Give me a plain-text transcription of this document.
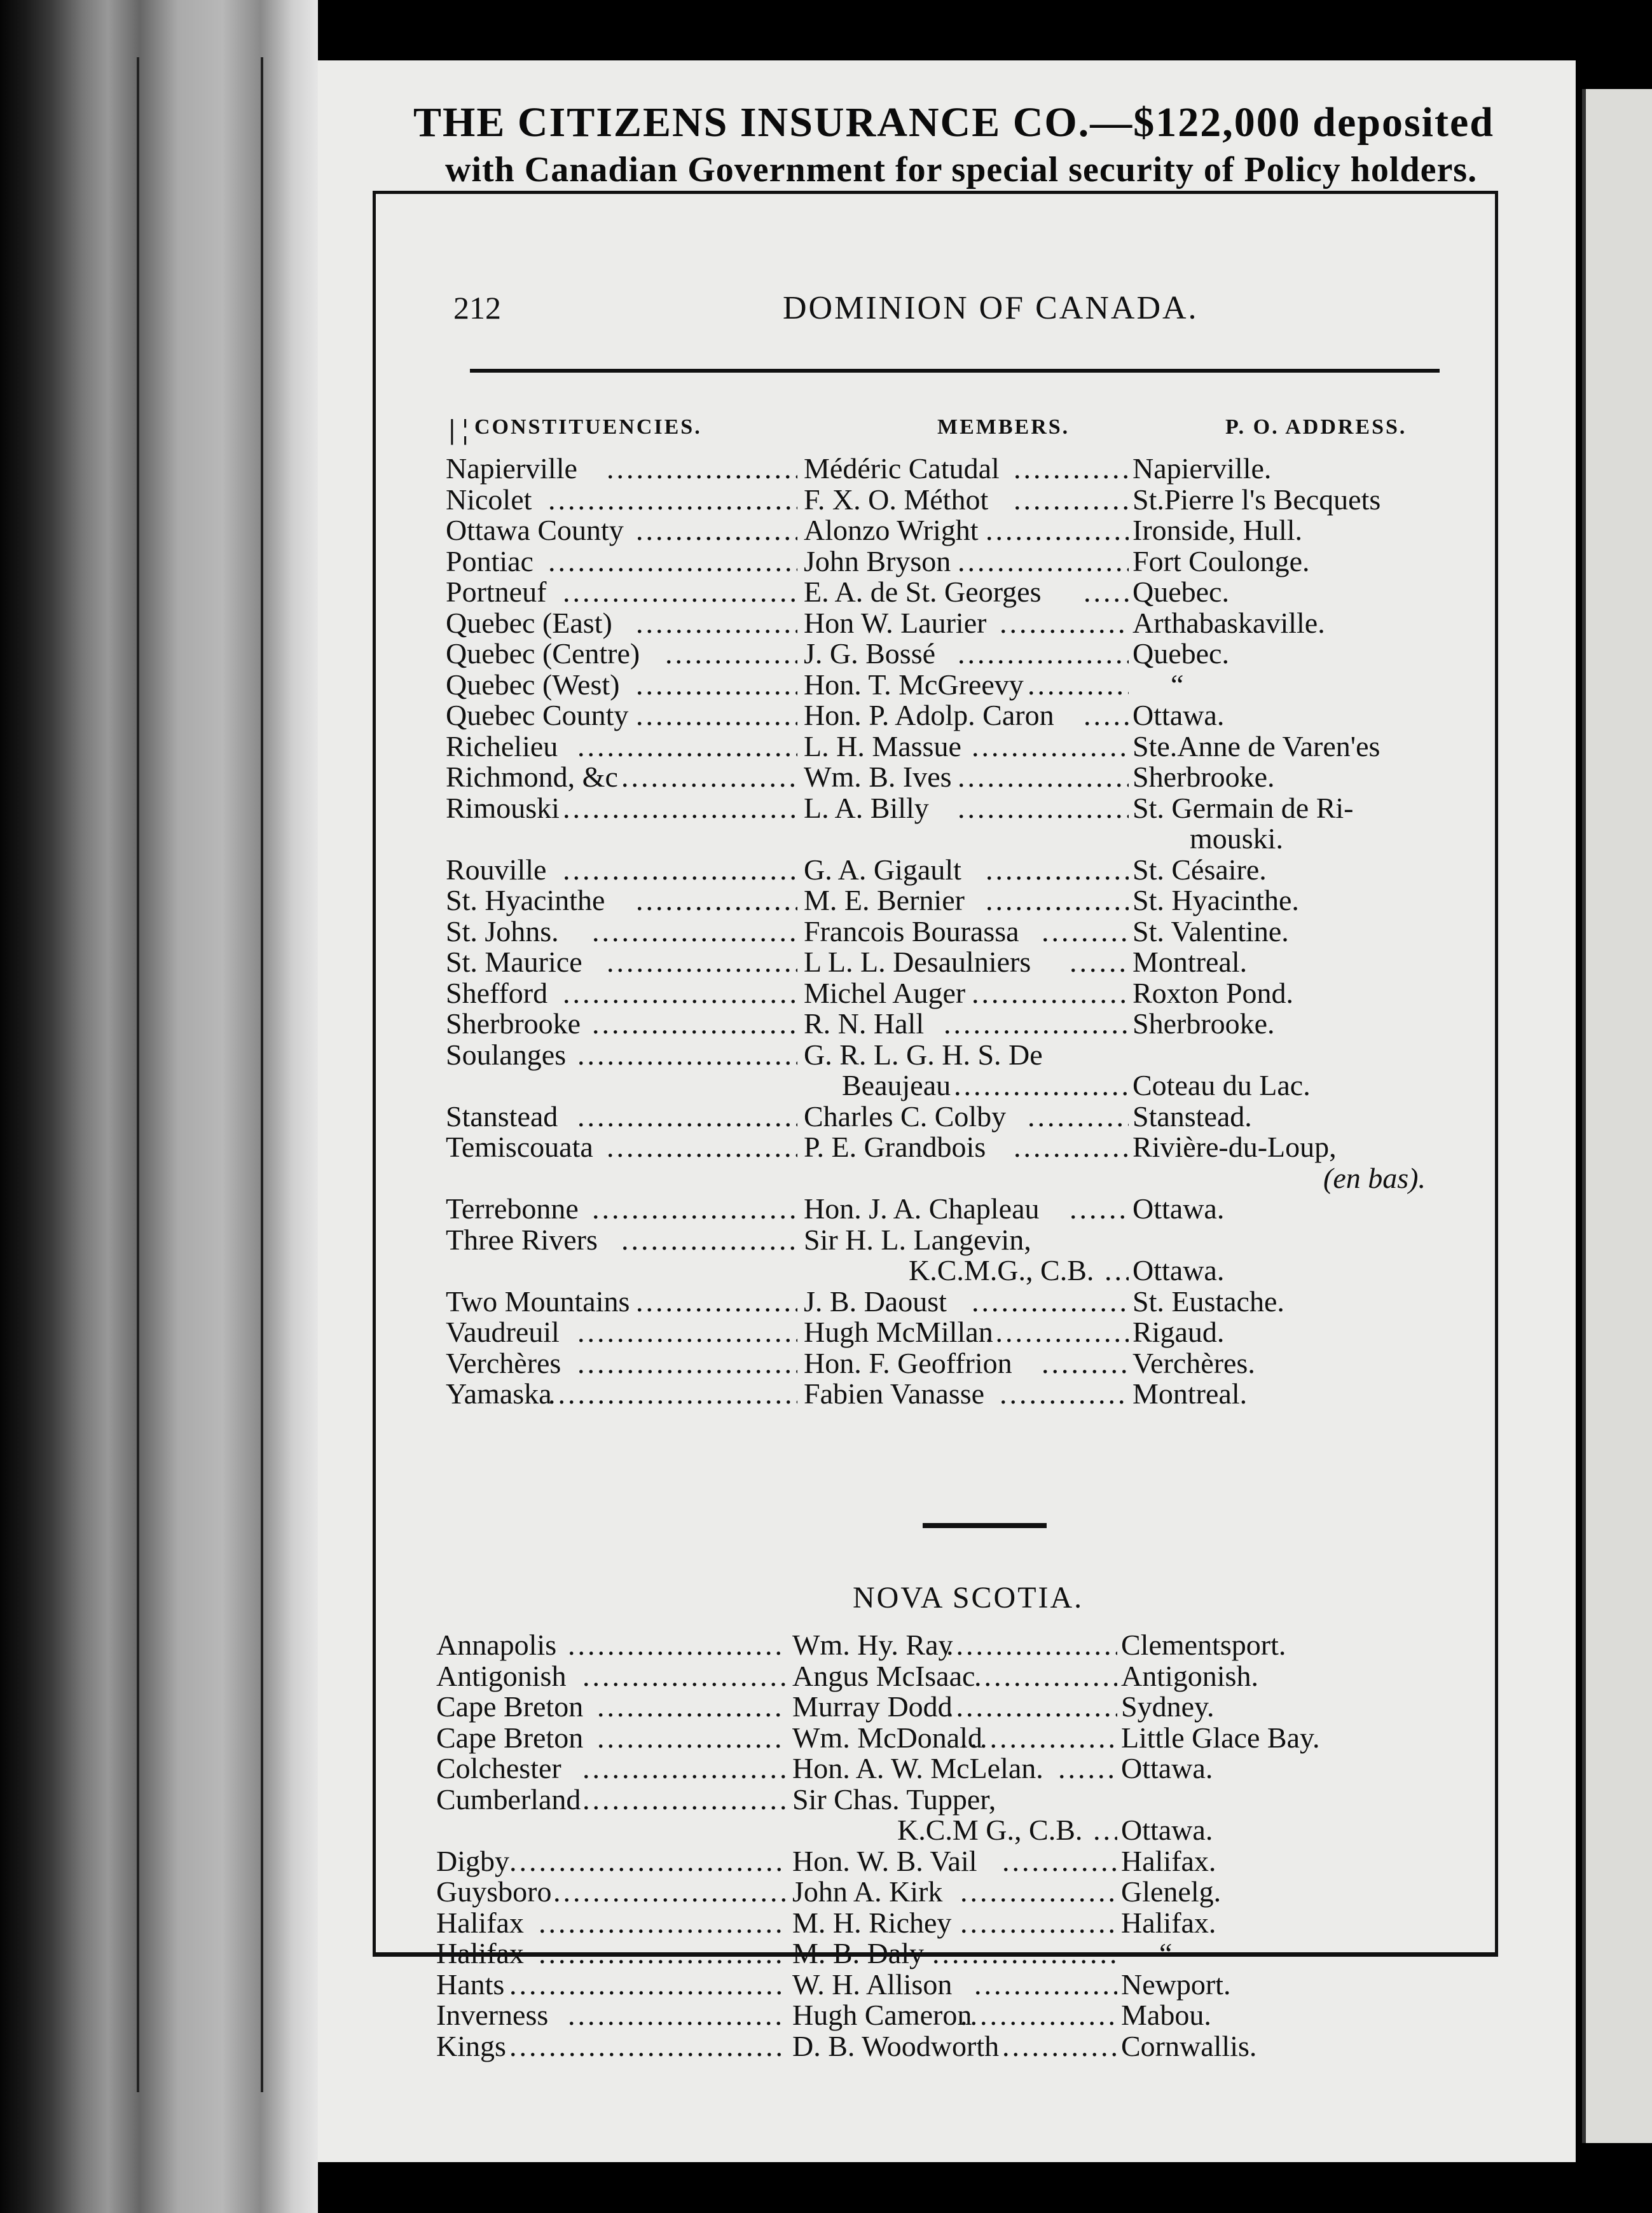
THE CITIZENS INSURANCE CO.—$122,000 deposited
with Canadian Government for special security of Policy holders.
212	DOMINION OF CANADA.
| ¦ CONSTITUENCIES.	MEMBERS.	P. O. ADDRESS.
Napierville .....	Médéric Catudal .....	Napierville.
Nicolet .....	F. X. O. Méthot .....	St.Pierre l's Becquets
Ottawa County .....	Alonzo Wright .....	Ironside, Hull.
Pontiac .....	John Bryson .....	Fort Coulonge.
Portneuf .....	E. A. de St. Georges .....	Quebec.
Quebec (East) .....	Hon W. Laurier .....	Arthabaskaville.
Quebec (Centre) .....	J. G. Bossé .....	Quebec.
Quebec (West) .....	Hon. T. McGreevy .....	“
Quebec County .....	Hon. P. Adolp. Caron .....	Ottawa.
Richelieu .....	L. H. Massue .....	Ste.Anne de Varen'es
Richmond, &c .....	Wm. B. Ives .....	Sherbrooke.
Rimouski .....	L. A. Billy .....	St. Germain de Ri-
mouski.
Rouville .....	G. A. Gigault .....	St. Césaire.
St. Hyacinthe .....	M. E. Bernier .....	St. Hyacinthe.
St. Johns. .....	Francois Bourassa .....	St. Valentine.
St. Maurice .....	L L. L. Desaulniers .....	Montreal.
Shefford .....	Michel Auger .....	Roxton Pond.
Sherbrooke .....	R. N. Hall .....	Sherbrooke.
Soulanges .....	G. R. L. G. H. S. De
Beaujeau .....	Coteau du Lac.
Stanstead .....	Charles C. Colby .....	Stanstead.
Temiscouata .....	P. E. Grandbois .....	Rivière-du-Loup,
(en bas).
Terrebonne .....	Hon. J. A. Chapleau .....	Ottawa.
Three Rivers .....	Sir H. L. Langevin,
K.C.M.G., C.B. ..... Ottawa.
Two Mountains .....	J. B. Daoust .....	St. Eustache.
Vaudreuil .....	Hugh McMillan .....	Rigaud.
Verchères .....	Hon. F. Geoffrion .....	Verchères.
Yamaska .....	Fabien Vanasse .....	Montreal.
NOVA SCOTIA.
Annapolis .....	Wm. Hy. Ray .....	Clementsport.
Antigonish .....	Angus McIsaac .....	Antigonish.
Cape Breton .....	Murray Dodd .....	Sydney.
Cape Breton .....	Wm. McDonald .....	Little Glace Bay.
Colchester .....	Hon. A. W. McLelan. .....	Ottawa.
Cumberland .....	Sir Chas. Tupper,
K.C.M G., C.B. ..... Ottawa.
Digby .....	Hon. W. B. Vail .....	Halifax.
Guysboro .....	John A. Kirk .....	Glenelg.
Halifax .....	M. H. Richey .....	Halifax.
Halifax .....	M. B. Daly .....	“
Hants .....	W. H. Allison .....	Newport.
Inverness .....	Hugh Cameron .....	Mabou.
Kings .....	D. B. Woodworth .....	Cornwallis.
